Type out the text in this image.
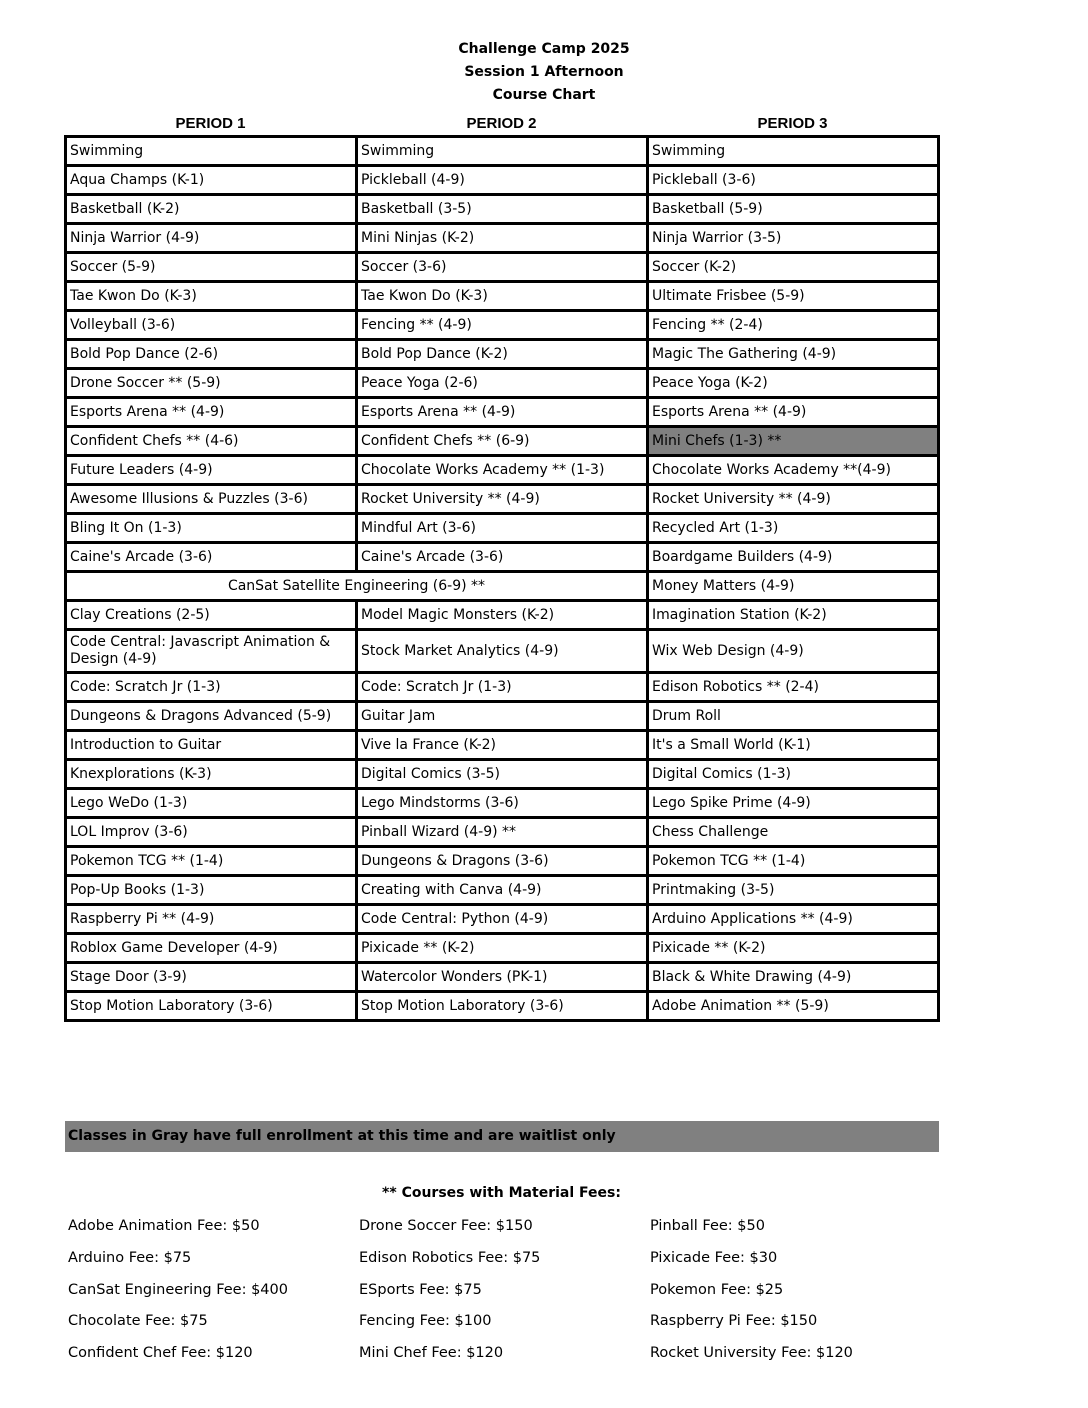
Challenge Camp 2025
Session 1 Afternoon
Course Chart
PERIOD 1	PERIOD 2	PERIOD 3
Swimming	Swimming	Swimming
Aqua Champs (K-1)	Pickleball (4-9)	Pickleball (3-6)
Basketball (K-2)	Basketball (3-5)	Basketball (5-9)
Ninja Warrior (4-9)	Mini Ninjas (K-2)	Ninja Warrior (3-5)
Soccer (5-9)	Soccer (3-6)	Soccer (K-2)
Tae Kwon Do (K-3)	Tae Kwon Do (K-3)	Ultimate Frisbee (5-9)
Volleyball (3-6)	Fencing ** (4-9)	Fencing ** (2-4)
Bold Pop Dance (2-6)	Bold Pop Dance (K-2)	Magic The Gathering (4-9)
Drone Soccer ** (5-9)	Peace Yoga (2-6)	Peace Yoga (K-2)
Esports Arena ** (4-9)	Esports Arena ** (4-9)	Esports Arena ** (4-9)
Confident Chefs ** (4-6)	Confident Chefs ** (6-9)	Mini Chefs (1-3) **
Future Leaders (4-9)	Chocolate Works Academy ** (1-3)	Chocolate Works Academy **(4-9)
Awesome Illusions & Puzzles (3-6)	Rocket University ** (4-9)	Rocket University ** (4-9)
Bling It On (1-3)	Mindful Art (3-6)	Recycled Art (1-3)
Caine's Arcade (3-6)	Caine's Arcade (3-6)	Boardgame Builders (4-9)
CanSat Satellite Engineering (6-9) **		Money Matters (4-9)
Clay Creations (2-5)	Model Magic Monsters (K-2)	Imagination Station (K-2)
Code Central: Javascript Animation & Design (4-9)	Stock Market Analytics (4-9)	Wix Web Design (4-9)
Code: Scratch Jr (1-3)	Code: Scratch Jr (1-3)	Edison Robotics ** (2-4)
Dungeons & Dragons Advanced (5-9)	Guitar Jam	Drum Roll
Introduction to Guitar	Vive la France (K-2)	It's a Small World (K-1)
Knexplorations (K-3)	Digital Comics (3-5)	Digital Comics (1-3)
Lego WeDo (1-3)	Lego Mindstorms (3-6)	Lego Spike Prime (4-9)
LOL Improv (3-6)	Pinball Wizard (4-9) **	Chess Challenge
Pokemon TCG ** (1-4)	Dungeons & Dragons (3-6)	Pokemon TCG ** (1-4)
Pop-Up Books (1-3)	Creating with Canva (4-9)	Printmaking (3-5)
Raspberry Pi ** (4-9)	Code Central: Python (4-9)	Arduino Applications ** (4-9)
Roblox Game Developer (4-9)	Pixicade ** (K-2)	Pixicade ** (K-2)
Stage Door (3-9)	Watercolor Wonders (PK-1)	Black & White Drawing (4-9)
Stop Motion Laboratory (3-6)	Stop Motion Laboratory (3-6)	Adobe Animation ** (5-9)
Classes in Gray have full enrollment at this time and are waitlist only
** Courses with Material Fees:
Adobe Animation Fee: $50
Arduino Fee: $75
CanSat Engineering Fee: $400
Chocolate Fee: $75
Confident Chef Fee: $120
Drone Soccer Fee: $150
Edison Robotics Fee: $75
ESports Fee: $75
Fencing Fee: $100
Mini Chef Fee: $120
Pinball Fee: $50
Pixicade Fee: $30
Pokemon Fee: $25
Raspberry Pi Fee: $150
Rocket University Fee: $120
